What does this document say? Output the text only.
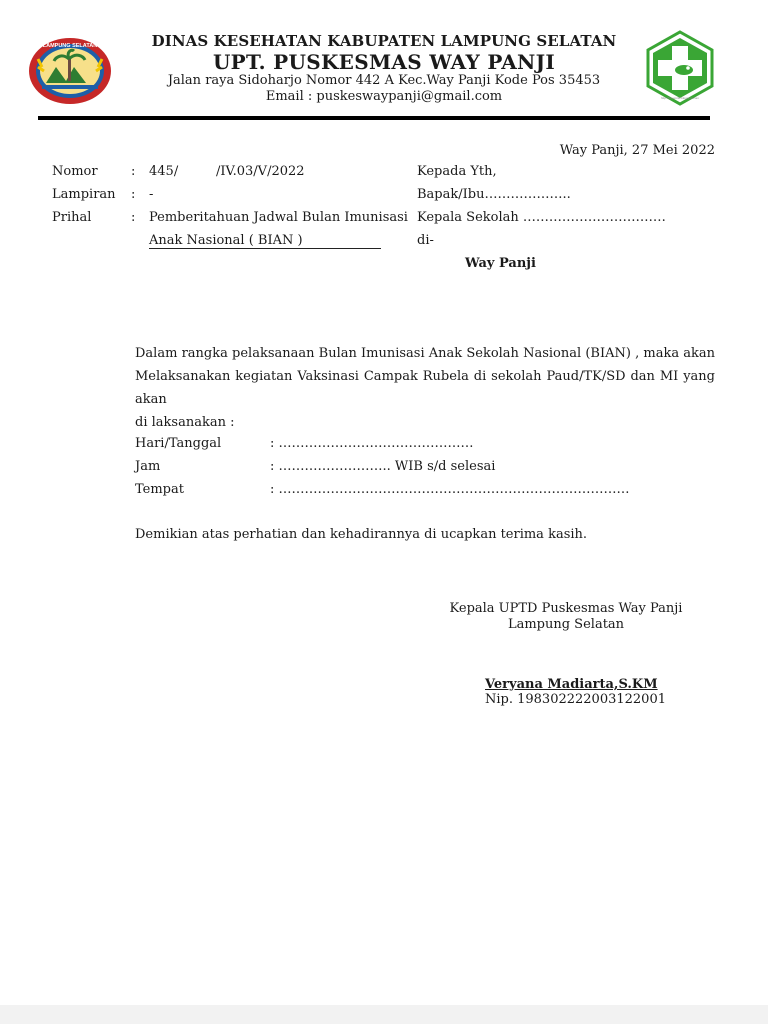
LAMPUNG SELATAN
http://tinyworld.blogspot.com
DINAS KESEHATAN KABUPATEN LAMPUNG SELATAN
UPT. PUSKESMAS WAY PANJI
Jalan raya Sidoharjo Nomor 442 A Kec.Way Panji Kode Pos 35453
Email : puskeswaypanji@gmail.com
Way Panji, 27 Mei 2022
Nomor	: 445/	/IV.03/V/2022
Lampiran : -
Prihal	: Pemberitahuan Jadwal Bulan Imunisasi
Anak Nasional ( BIAN )
Kepada Yth,
Bapak/Ibu………………..
Kepala Sekolah ……………………………
di-
Way Panji
Dalam rangka pelaksanaan Bulan Imunisasi Anak Sekolah Nasional (BIAN) , maka akan
Melaksanakan kegiatan Vaksinasi Campak Rubela di sekolah Paud/TK/SD dan MI yang akan
di laksanakan :
Hari/Tanggal	: ………………………………………
Jam	: …………………….. WIB s/d selesai
Tempat	: ………………………………………………………………………
Demikian atas perhatian dan kehadirannya di ucapkan terima kasih.
Kepala UPTD Puskesmas Way Panji
Lampung Selatan
Veryana Madiarta,S.KM
Nip. 198302222003122001
